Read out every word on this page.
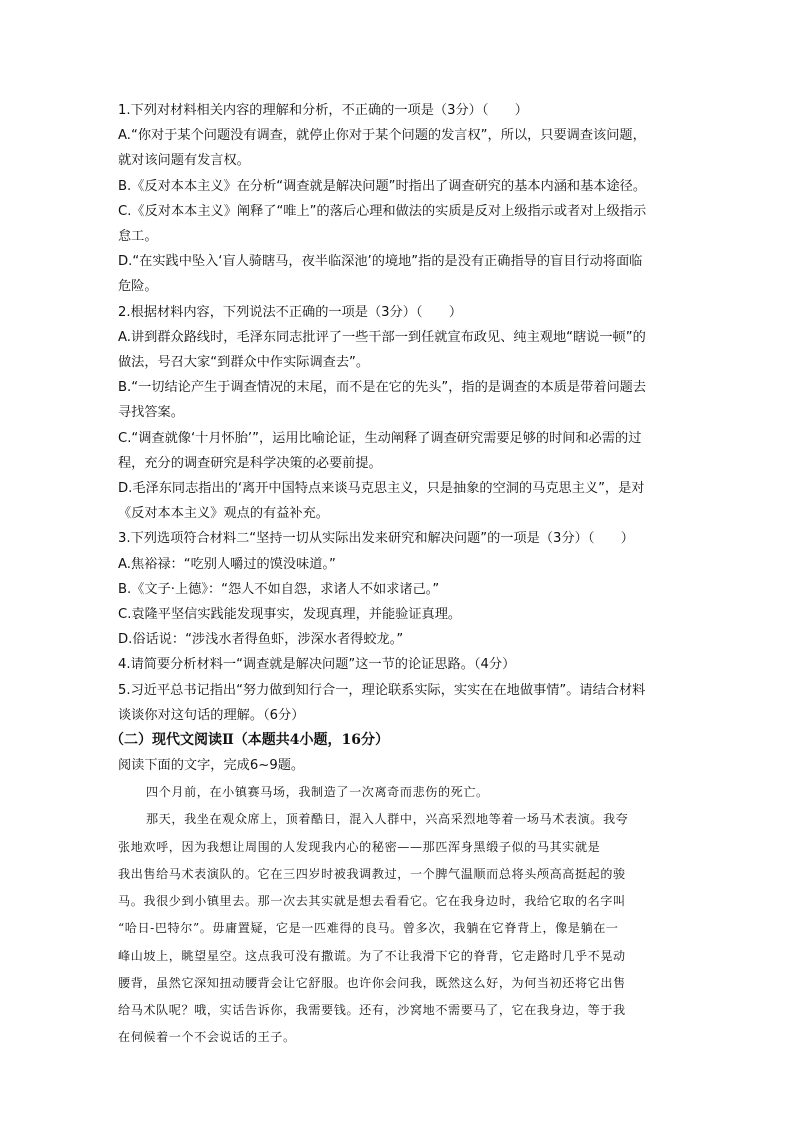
1.下列对材料相关内容的理解和分析，不正确的一项是（3分）（　　）

A.“你对于某个问题没有调查，就停止你对于某个问题的发言权”，所以，只要调查该问题，

就对该问题有发言权。

B.《反对本本主义》在分析“调查就是解决问题”时指出了调查研究的基本内涵和基本途径。

C.《反对本本主义》阐释了“唯上”的落后心理和做法的实质是反对上级指示或者对上级指示

怠工。

D.“在实践中坠入‘盲人骑瞎马，夜半临深池’的境地”指的是没有正确指导的盲目行动将面临

危险。

2.根据材料内容，下列说法不正确的一项是（3分）（　　）

A.讲到群众路线时，毛泽东同志批评了一些干部一到任就宣布政见、纯主观地“瞎说一顿”的

做法，号召大家“到群众中作实际调查去”。

B.“一切结论产生于调查情况的末尾，而不是在它的先头”，指的是调查的本质是带着问题去

寻找答案。

C.“调查就像‘十月怀胎’”，运用比喻论证，生动阐释了调查研究需要足够的时间和必需的过

程，充分的调查研究是科学决策的必要前提。

D.毛泽东同志指出的‘离开中国特点来谈马克思主义，只是抽象的空洞的马克思主义”，是对

《反对本本主义》观点的有益补充。

3.下列选项符合材料二“坚持一切从实际出发来研究和解决问题”的一项是（3分）（　　）

A.焦裕禄：“吃别人嚼过的馍没味道。”

B.《文子·上德》：“怨人不如自怨，求诸人不如求诸己。”

C.袁隆平坚信实践能发现事实，发现真理，并能验证真理。

D.俗话说：“涉浅水者得鱼虾，涉深水者得蛟龙。”

4.请简要分析材料一“调查就是解决问题”这一节的论证思路。（4分）

5.习近平总书记指出“努力做到知行合一，理论联系实际，实实在在地做事情”。请结合材料

谈谈你对这句话的理解。（6分）

（二）现代文阅读Ⅱ（本题共4小题，16分）

阅读下面的文字，完成6~9题。

四个月前，在小镇赛马场，我制造了一次离奇而悲伤的死亡。

那天，我坐在观众席上，顶着酷日，混入人群中，兴高采烈地等着一场马术表演。我夸

张地欢呼，因为我想让周围的人发现我内心的秘密——那匹浑身黑缎子似的马其实就是

我出售给马术表演队的。它在三四岁时被我调教过，一个脾气温顺而总将头颅高高挺起的骏

马。我很少到小镇里去。那一次去其实就是想去看看它。它在我身边时，我给它取的名字叫

“哈日-巴特尔”。毋庸置疑，它是一匹难得的良马。曾多次，我躺在它脊背上，像是躺在一

峰山坡上，眺望星空。这点我可没有撒谎。为了不让我滑下它的脊背，它走路时几乎不晃动

腰背，虽然它深知扭动腰背会让它舒服。也许你会问我，既然这么好，为何当初还将它出售

给马术队呢？哦，实话告诉你，我需要钱。还有，沙窝地不需要马了，它在我身边，等于我

在伺候着一个不会说话的王子。
